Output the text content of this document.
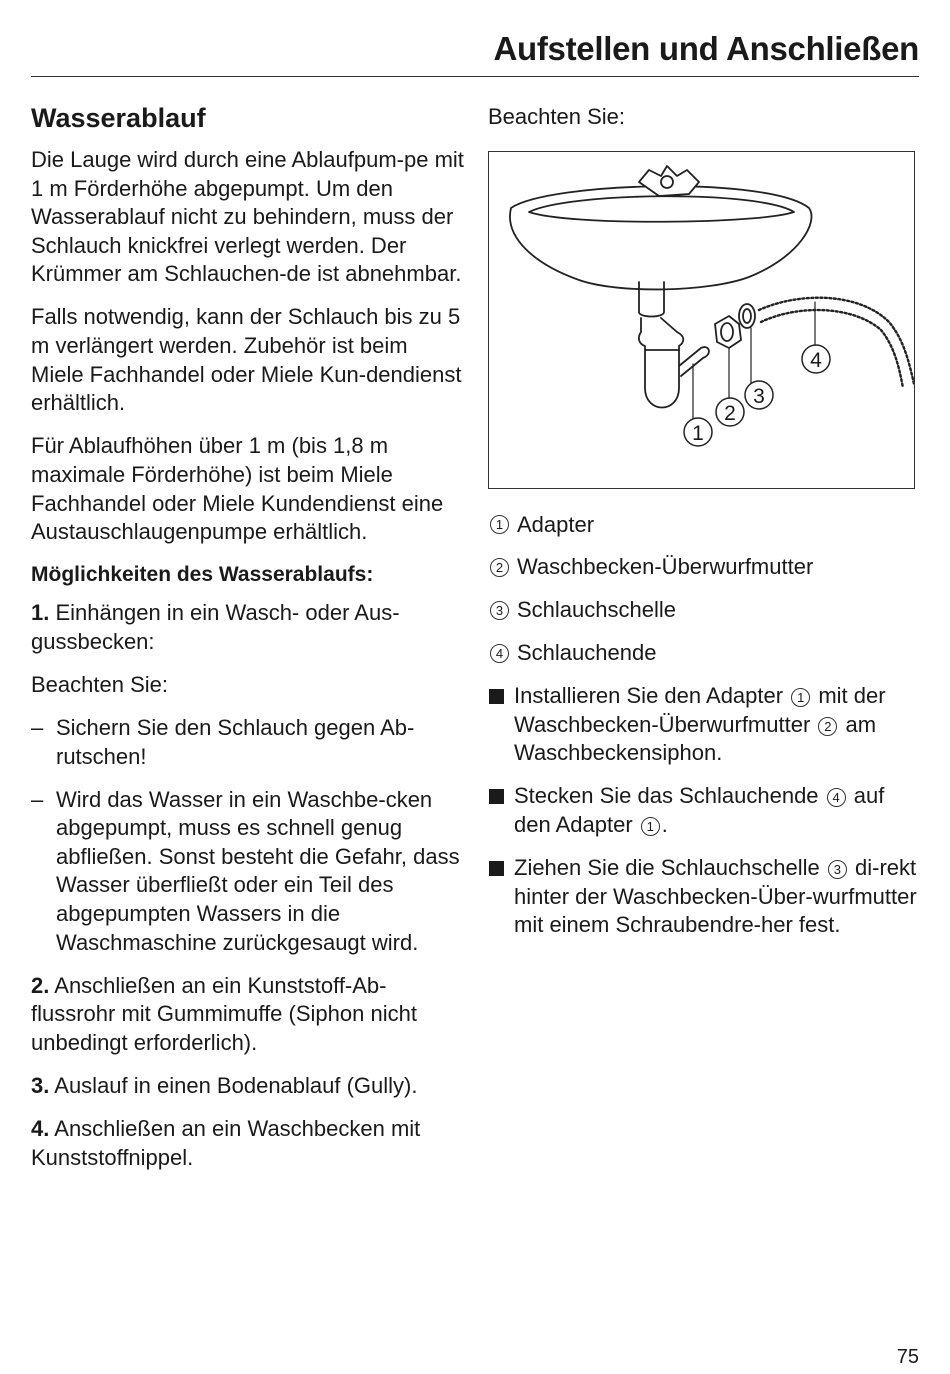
Aufstellen und Anschließen
Wasserablauf

Die Lauge wird durch eine Ablaufpum-pe mit 1 m Förderhöhe abgepumpt. Um den Wasserablauf nicht zu behindern, muss der Schlauch knickfrei verlegt werden. Der Krümmer am Schlauchen-de ist abnehmbar.

Falls notwendig, kann der Schlauch bis zu 5 m verlängert werden. Zubehör ist beim Miele Fachhandel oder Miele Kun-dendienst erhältlich.

Für Ablaufhöhen über 1 m (bis 1,8 m maximale Förderhöhe) ist beim Miele Fachhandel oder Miele Kundendienst eine Austauschlaugenpumpe erhältlich.

Möglichkeiten des Wasserablaufs:

1. Einhängen in ein Wasch- oder Aus-gussbecken:

Beachten Sie:

– Sichern Sie den Schlauch gegen Ab-rutschen!
– Wird das Wasser in ein Waschbe-cken abgepumpt, muss es schnell genug abfließen. Sonst besteht die Gefahr, dass Wasser überfließt oder ein Teil des abgepumpten Wassers in die Waschmaschine zurückgesaugt wird.

2. Anschließen an ein Kunststoff-Ab-flussrohr mit Gummimuffe (Siphon nicht unbedingt erforderlich).

3. Auslauf in einen Bodenablauf (Gully).

4. Anschließen an ein Waschbecken mit Kunststoffnippel.

Beachten Sie:

1
2
3
4
1 Adapter
2 Waschbecken-Überwurfmutter
3 Schlauchschelle
4 Schlauchende
Installieren Sie den Adapter 1 mit der Waschbecken-Überwurfmutter 2 am Waschbeckensiphon.
Stecken Sie das Schlauchende 4 auf den Adapter 1 .
Ziehen Sie die Schlauchschelle 3 di-rekt hinter der Waschbecken-Über-wurfmutter mit einem Schraubendre-her fest.
75
